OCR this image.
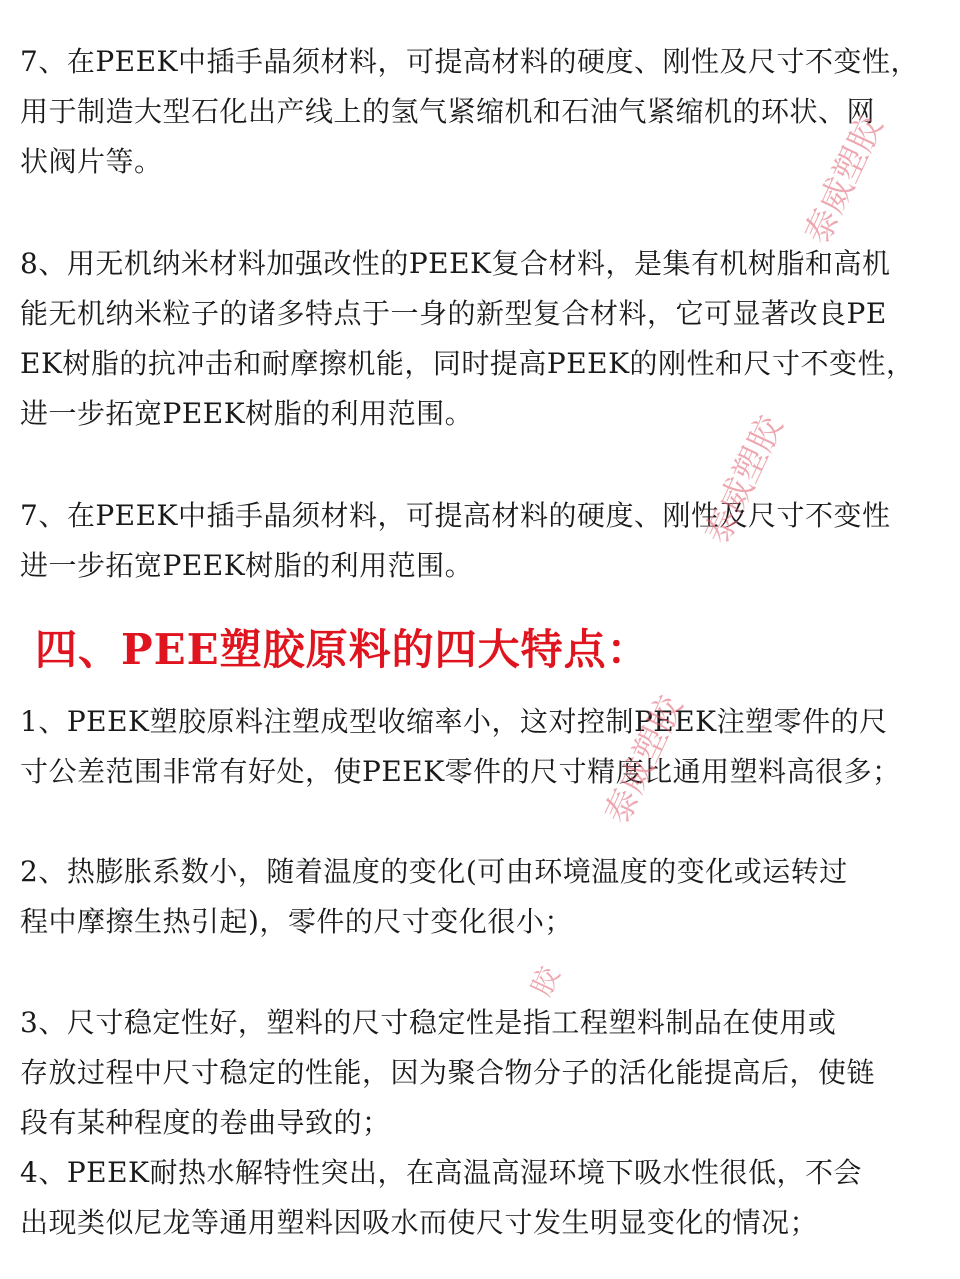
7、在PEEK中插手晶须材料，可提高材料的硬度、刚性及尺寸不变性，
用于制造大型石化出产线上的氢气紧缩机和石油气紧缩机的环状、网
状阀片等。
8、用无机纳米材料加强改性的PEEK复合材料，是集有机树脂和高机
能无机纳米粒子的诸多特点于一身的新型复合材料，它可显著改良PE
EK树脂的抗冲击和耐摩擦机能，同时提高PEEK的刚性和尺寸不变性，
进一步拓宽PEEK树脂的利用范围。
7、在PEEK中插手晶须材料，可提高材料的硬度、刚性及尺寸不变性
进一步拓宽PEEK树脂的利用范围。
四、PEE塑胶原料的四大特点：
1、PEEK塑胶原料注塑成型收缩率小，这对控制PEEK注塑零件的尺
寸公差范围非常有好处，使PEEK零件的尺寸精度比通用塑料高很多；
2、热膨胀系数小，随着温度的变化(可由环境温度的变化或运转过
程中摩擦生热引起)，零件的尺寸变化很小；
3、尺寸稳定性好，塑料的尺寸稳定性是指工程塑料制品在使用或
存放过程中尺寸稳定的性能，因为聚合物分子的活化能提高后，使链
段有某种程度的卷曲导致的；
4、PEEK耐热水解特性突出，在高温高湿环境下吸水性很低，不会
出现类似尼龙等通用塑料因吸水而使尺寸发生明显变化的情况；
泰威塑胶
泰威塑胶
泰威塑胶
胶
